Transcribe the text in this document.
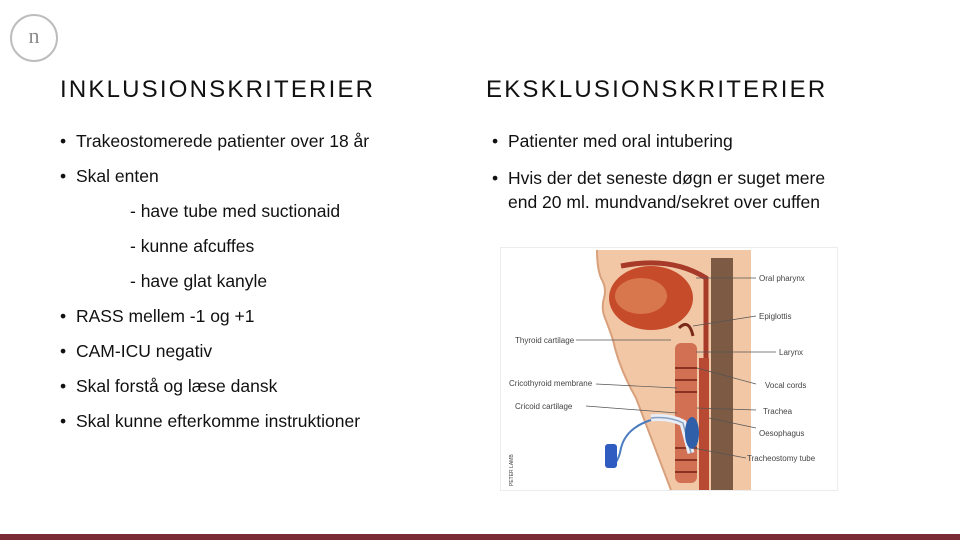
n
INKLUSIONSKRITERIER	EKSKLUSIONSKRITERIER
• Trakeostomerede patienter over 18 år
• Skal enten
- have tube med suctionaid
- kunne afcuffes
- have glat kanyle
• RASS mellem -1 og +1
• CAM-ICU negativ
• Skal forstå og læse dansk
• Skal kunne efterkomme instruktioner
• Patienter med oral intubering
• Hvis der det seneste døgn er suget mere
end 20 ml. mundvand/sekret over cuffen
Oral pharynx
Epiglottis
Larynx
Vocal cords
Trachea
Oesophagus
Tracheostomy tube
Thyroid cartilage
Cricothyroid membrane
Cricoid cartilage
PETER LAMB
